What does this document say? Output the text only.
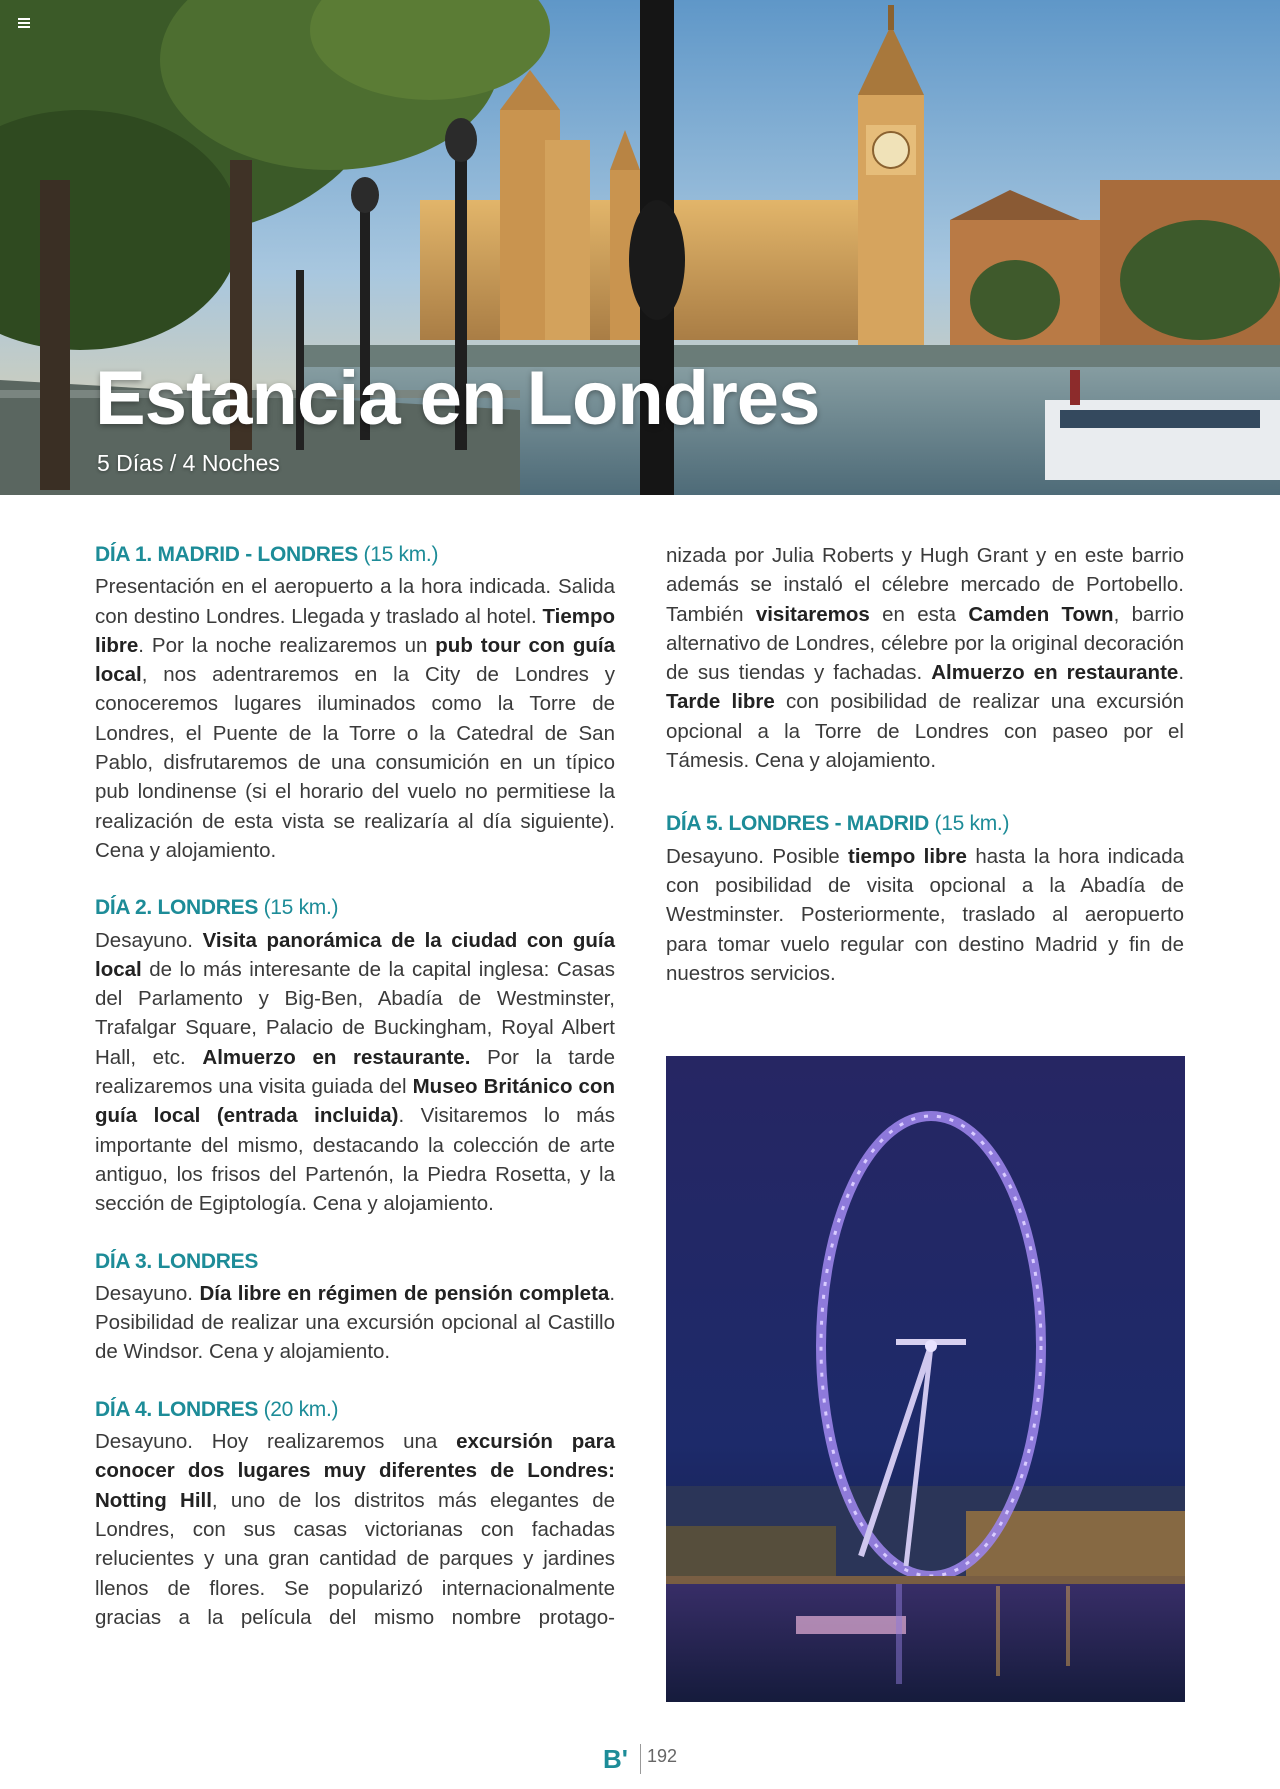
Estancia en Londres

5 Días / 4 Noches

DÍA 1. MADRID - LONDRES (15 km.)

Presentación en el aeropuerto a la hora indicada. Salida con destino Londres. Llegada y traslado al hotel. Tiempo libre. Por la noche realizaremos un pub tour con guía local, nos adentraremos en la City de Londres y conoceremos lugares iluminados como la Torre de Londres, el Puente de la Torre o la Catedral de San Pablo, disfrutaremos de una consumición en un típico pub londinense (si el horario del vuelo no permitiese la realización de esta vista se realizaría al día siguiente). Cena y alojamiento.

DÍA 2. LONDRES (15 km.)

Desayuno. Visita panorámica de la ciudad con guía local de lo más interesante de la capital inglesa: Casas del Parlamento y Big-Ben, Abadía de Westminster, Trafalgar Square, Palacio de Buckingham, Royal Albert Hall, etc. Almuerzo en restaurante. Por la tarde realizaremos una visita guiada del Museo Británico con guía local (entrada incluida). Visitaremos lo más importante del mismo, destacando la colección de arte antiguo, los frisos del Partenón, la Piedra Rosetta, y la sección de Egiptología. Cena y alojamiento.

DÍA 3. LONDRES

Desayuno. Día libre en régimen de pensión completa. Posibilidad de realizar una excursión opcional al Castillo de Windsor. Cena y alojamiento.

DÍA 4. LONDRES (20 km.)

Desayuno. Hoy realizaremos una excursión para conocer dos lugares muy diferentes de Londres: Notting Hill, uno de los distritos más elegantes de Londres, con sus casas victorianas con fachadas relucientes y una gran cantidad de parques y jardines llenos de flores. Se popularizó internacionalmente gracias a la película del mismo nombre protago-

nizada por Julia Roberts y Hugh Grant y en este barrio además se instaló el célebre mercado de Portobello. También visitaremos en esta Camden Town, barrio alternativo de Londres, célebre por la original decoración de sus tiendas y fachadas. Almuerzo en restaurante. Tarde libre con posibilidad de realizar una excursión opcional a la Torre de Londres con paseo por el Támesis. Cena y alojamiento.

DÍA 5. LONDRES - MADRID (15 km.)

Desayuno. Posible tiempo libre hasta la hora indicada con posibilidad de visita opcional a la Abadía de Westminster. Posteriormente, traslado al aeropuerto para tomar vuelo regular con destino Madrid y fin de nuestros servicios.

B' 192
